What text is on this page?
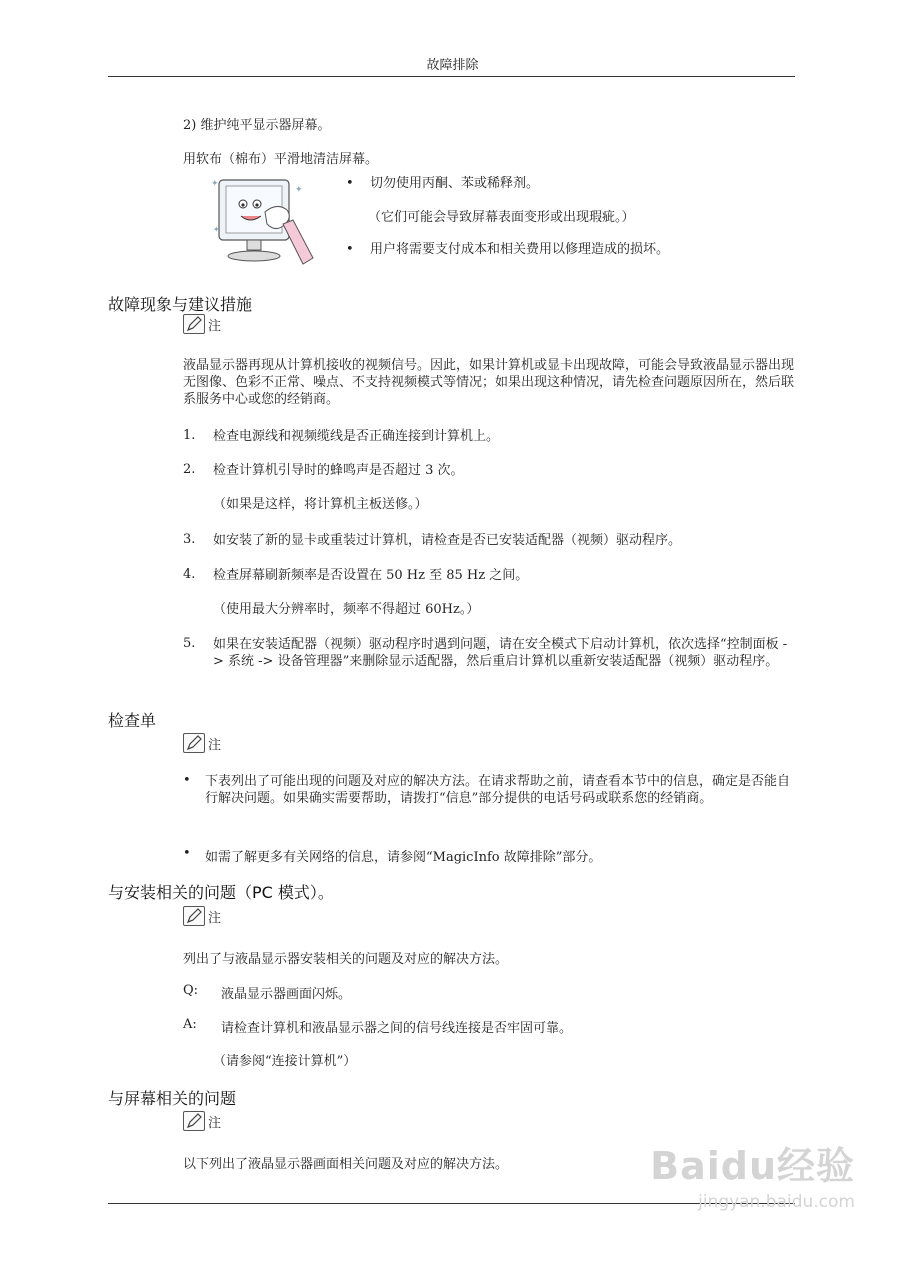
故障排除
2) 维护纯平显示器屏幕。
用软布（棉布）平滑地清洁屏幕。
✦
✦
✦
• 切勿使用丙酮、苯或稀释剂。
（它们可能会导致屏幕表面变形或出现瑕疵。）
• 用户将需要支付成本和相关费用以修理造成的损坏。
故障现象与建议措施
注
液晶显示器再现从计算机接收的视频信号。因此，如果计算机或显卡出现故障，可能会导致液晶显示器出现无图像、色彩不正常、噪点、不支持视频模式等情况；如果出现这种情况，请先检查问题原因所在，然后联系服务中心或您的经销商。
1.	检查电源线和视频缆线是否正确连接到计算机上。
2.	检查计算机引导时的蜂鸣声是否超过 3 次。
（如果是这样，将计算机主板送修。）
3.	如安装了新的显卡或重装过计算机，请检查是否已安装适配器（视频）驱动程序。
4.	检查屏幕刷新频率是否设置在 50 Hz 至 85 Hz 之间。
（使用最大分辨率时，频率不得超过 60Hz。）
5.	如果在安装适配器（视频）驱动程序时遇到问题，请在安全模式下启动计算机，依次选择“控制面板 -> 系统 -> 设备管理器”来删除显示适配器，然后重启计算机以重新安装适配器（视频）驱动程序。
检查单
注
• 下表列出了可能出现的问题及对应的解决方法。在请求帮助之前，请查看本节中的信息，确定是否能自行解决问题。如果确实需要帮助，请拨打“信息”部分提供的电话号码或联系您的经销商。
• 如需了解更多有关网络的信息，请参阅“MagicInfo 故障排除”部分。
与安装相关的问题（PC 模式）。
注
列出了与液晶显示器安装相关的问题及对应的解决方法。
Q: 液晶显示器画面闪烁。
A: 请检查计算机和液晶显示器之间的信号线连接是否牢固可靠。
（请参阅“连接计算机”）
与屏幕相关的问题
注
以下列出了液晶显示器画面相关问题及对应的解决方法。	Baidu经验
jingyan.baidu.com
